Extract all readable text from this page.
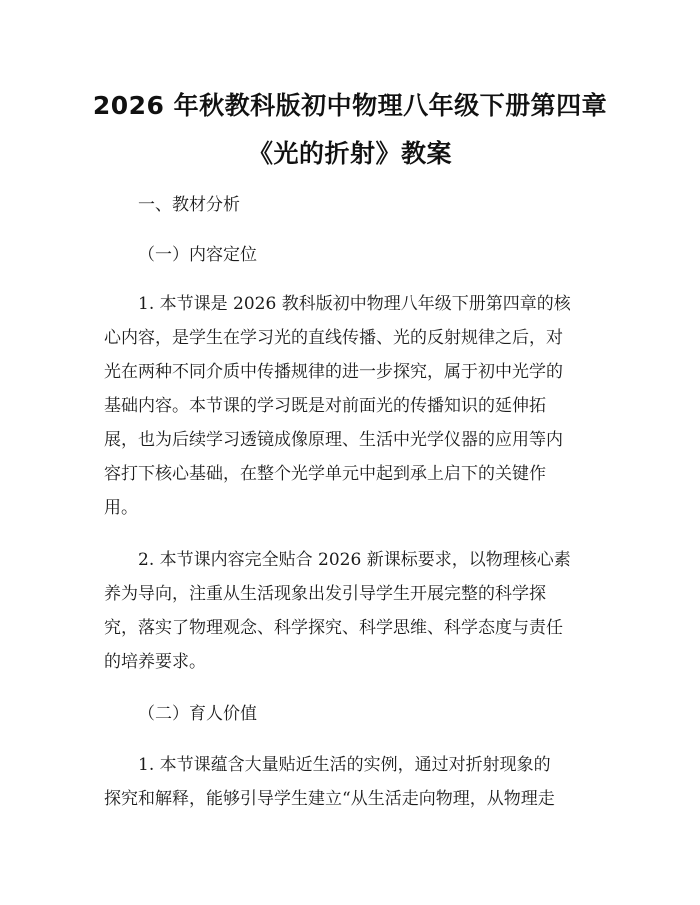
2026 年秋教科版初中物理八年级下册第四章
《光的折射》教案
一、教材分析
（一）内容定位
1. 本节课是 2026 教科版初中物理八年级下册第四章的核
心内容，是学生在学习光的直线传播、光的反射规律之后，对
光在两种不同介质中传播规律的进一步探究，属于初中光学的
基础内容。本节课的学习既是对前面光的传播知识的延伸拓
展，也为后续学习透镜成像原理、生活中光学仪器的应用等内
容打下核心基础，在整个光学单元中起到承上启下的关键作
用。
2. 本节课内容完全贴合 2026 新课标要求，以物理核心素
养为导向，注重从生活现象出发引导学生开展完整的科学探
究，落实了物理观念、科学探究、科学思维、科学态度与责任
的培养要求。
（二）育人价值
1. 本节课蕴含大量贴近生活的实例，通过对折射现象的
探究和解释，能够引导学生建立“从生活走向物理，从物理走
